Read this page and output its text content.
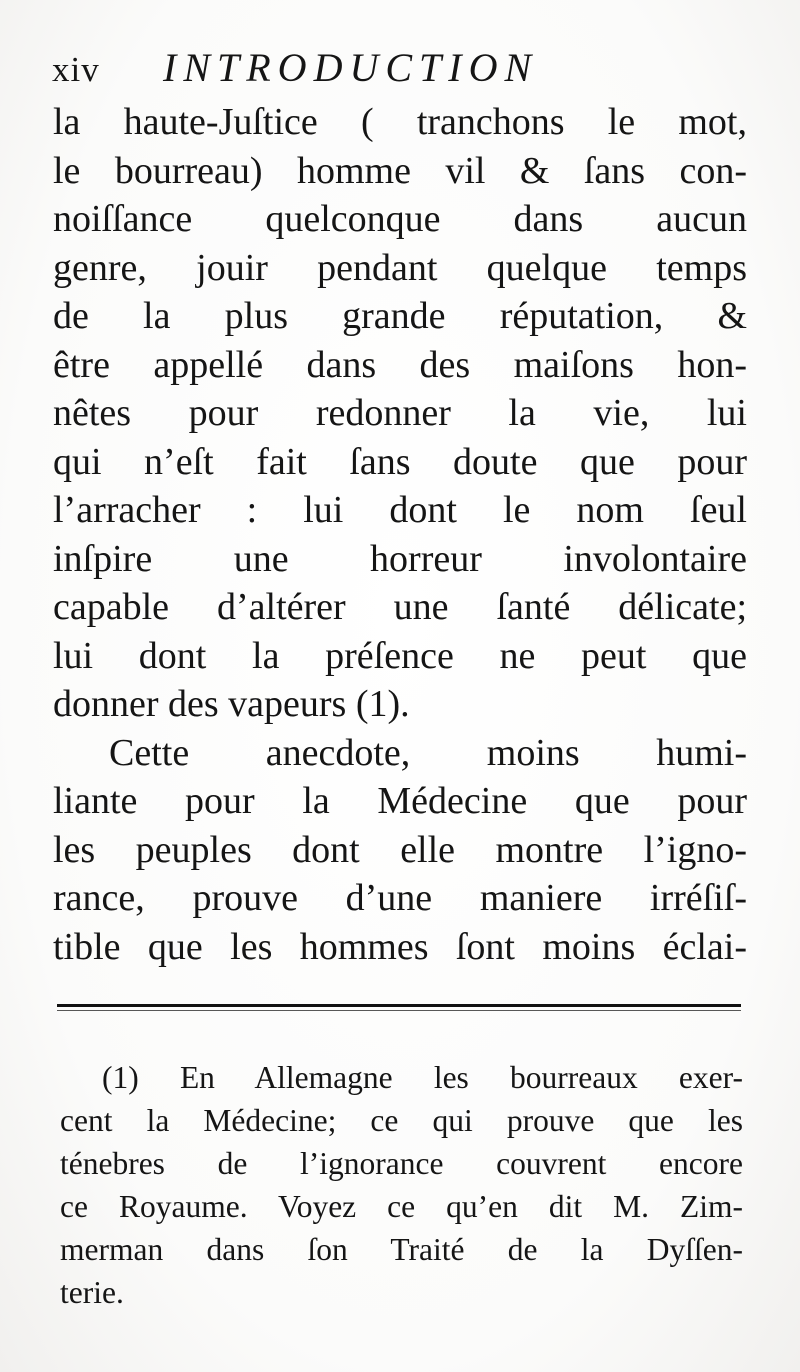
xiv INTRODUCTION
la haute-Juſtice ( tranchons le mot,
le bourreau) homme vil & ſans con-
noiſſance quelconque dans aucun
genre, jouir pendant quelque temps
de la plus grande réputation, &
être appellé dans des maiſons hon-
nêtes pour redonner la vie, lui
qui n’eſt fait ſans doute que pour
l’arracher : lui dont le nom ſeul
inſpire une horreur involontaire
capable d’altérer une ſanté délicate;
lui dont la préſence ne peut que
donner des vapeurs (1).
Cette anecdote, moins humi-
liante pour la Médecine que pour
les peuples dont elle montre l’igno-
rance, prouve d’une maniere irréſiſ-
tible que les hommes ſont moins éclai-
(1) En Allemagne les bourreaux exer-
cent la Médecine; ce qui prouve que les
ténebres de l’ignorance couvrent encore
ce Royaume. Voyez ce qu’en dit M. Zim-
merman dans ſon Traité de la Dyſſen-
terie.
